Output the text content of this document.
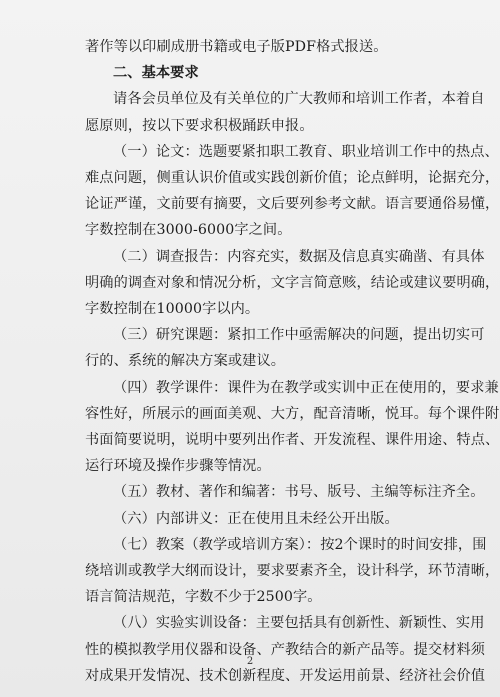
著作等以印刷成册书籍或电子版PDF格式报送。
二、基本要求
请各会员单位及有关单位的广大教师和培训工作者，本着自
愿原则，按以下要求积极踊跃申报。
（一）论文：选题要紧扣职工教育、职业培训工作中的热点、
难点问题，侧重认识价值或实践创新价值；论点鲜明，论据充分，
论证严谨，文前要有摘要，文后要列参考文献。语言要通俗易懂，
字数控制在3000-6000字之间。
（二）调查报告：内容充实，数据及信息真实确凿、有具体
明确的调查对象和情况分析，文字言简意赅，结论或建议要明确，
字数控制在10000字以内。
（三）研究课题：紧扣工作中亟需解决的问题，提出切实可
行的、系统的解决方案或建议。
（四）教学课件：课件为在教学或实训中正在使用的，要求兼
容性好，所展示的画面美观、大方，配音清晰，悦耳。每个课件附
书面简要说明，说明中要列出作者、开发流程、课件用途、特点、
运行环境及操作步骤等情况。
（五）教材、著作和编著：书号、版号、主编等标注齐全。
（六）内部讲义：正在使用且未经公开出版。
（七）教案（教学或培训方案）：按2个课时的时间安排，围
绕培训或教学大纲而设计，要求要素齐全，设计科学，环节清晰，
语言简洁规范，字数不少于2500字。
（八）实验实训设备：主要包括具有创新性、新颖性、实用
性的模拟教学用仪器和设备、产教结合的新产品等。提交材料须
对成果开发情况、技术创新程度、开发运用前景、经济社会价值
2
